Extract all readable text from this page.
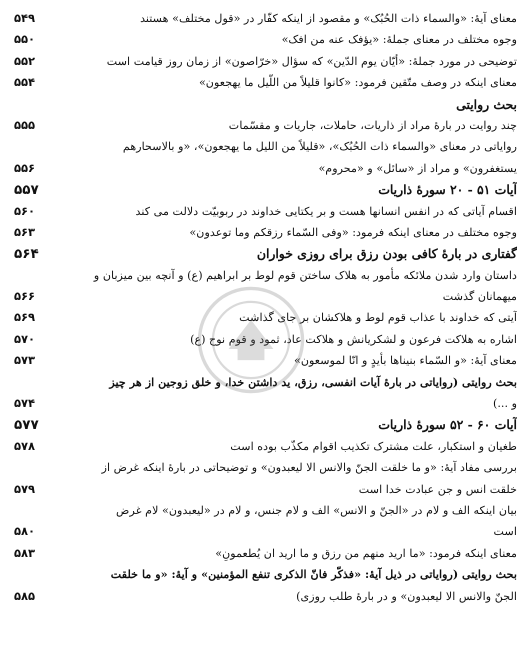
معنای آیهٔ: «والسماء ذات الحُبُک» و مقصود از اینکه کفّار در «قول مختلف» هستند
۵۴۹
وجوه مختلف در معنای جملهٔ: «یؤفک عنه من افک»
۵۵۰
توضیحی در مورد جملهٔ: «أیّان یوم الدّین» که سؤال «خرّاصون» از زمان روز قیامت است
۵۵۲
معنای اینکه در وصف متّقین فرمود: «کانوا قلیلاً من اللّیل ما یهجعون»
۵۵۴
بحث روایتی
چند روایت در بارهٔ مراد از ذاریات، حاملات، جاریات و مقسّمات
۵۵۵
روایاتی در معنای «والسماء ذات الحُبُک»، «قلیلاً من اللیل ما یهجعون»، «و بالاسحارهم
یستغفرون» و مراد از «سائل» و «محروم»
۵۵۶
آیات ۵۱ - ۲۰ سورهٔ ذاریات
۵۵۷
اقسام آیاتی که در انفس انسانها هست و بر یکتایی خداوند در ربوبیّت دلالت می کند
۵۶۰
وجوه مختلف در معنای اینکه فرمود: «وفی السّماء رزقکم وما توعدون»
۵۶۳
گفتاری در بارهٔ کافی بودن رزق برای روزی خواران
۵۶۴
داستان وارد شدن ملائکه مأمور به هلاک ساختن قوم لوط بر ابراهیم (ع) و آنچه بین میزبان و
میهمانان گذشت
۵۶۶
آیتی که خداوند با عذاب قوم لوط و هلاکشان بر جای گذاشت
۵۶۹
اشاره به هلاکت فرعون و لشکریانش و هلاکت عاد، ثمود و قوم نوح (ع)
۵۷۰
معنای آیهٔ: «و السّماء بنیناها بأیدٍ و انّا لموسعون»
۵۷۳
بحث روایتی (روایاتی در بارهٔ آیات انفسی، رزق، ید داشتن خدا، و خلق زوجین از هر چیز
و ...)
۵۷۴
آیات ۶۰ - ۵۲ سورهٔ ذاریات
۵۷۷
طغیان و استکبار، علت مشترک تکذیب اقوام مکذّب بوده است
۵۷۸
بررسی مفاد آیهٔ: «و ما خلقت الجنّ والانس الا لیعبدون» و توضیحاتی در بارهٔ اینکه غرض از
خلقت انس و جن عبادت خدا است
۵۷۹
بیان اینکه الف و لام در «الجنّ و الانس» الف و لام جنس، و لام در «لیعبدون» لام غرض
است
۵۸۰
معنای اینکه فرمود: «ما ارید منهم من رزق و ما ارید ان یُطعمونِ»
۵۸۳
بحث روایتی (روایاتی در ذیل آیهٔ: «فذکّر فانّ الذکری تنفع المؤمنین» و آیهٔ: «و ما خلقت
الجنّ والانس الا لیعبدون» و در بارهٔ طلب روزی)
۵۸۵
